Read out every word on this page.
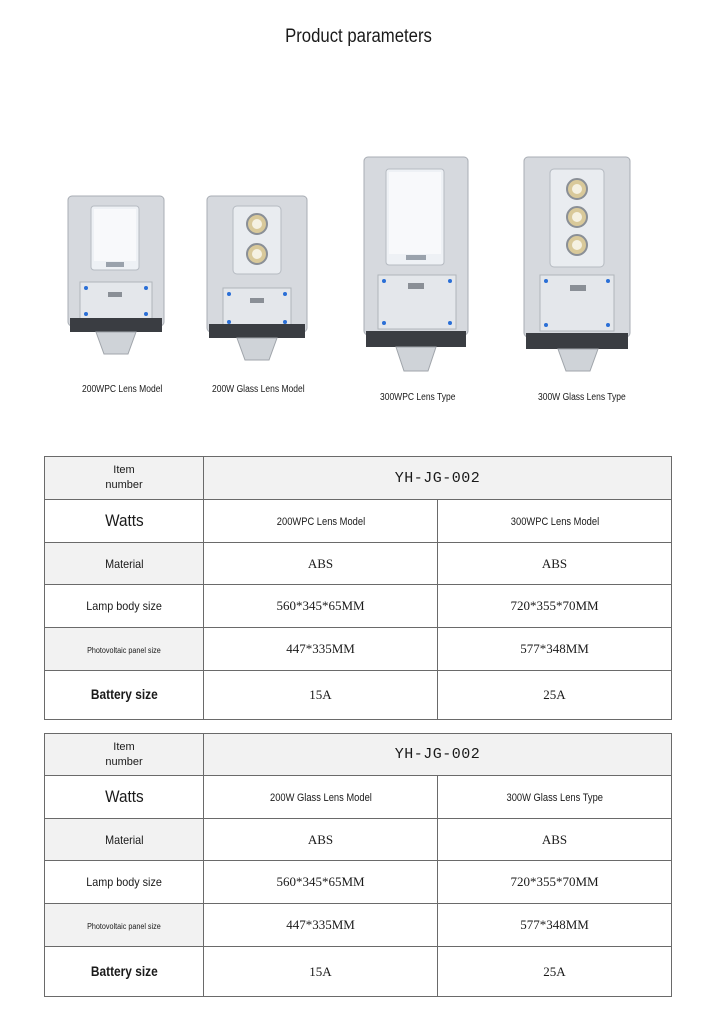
Product parameters
200WPC Lens Model	200W Glass Lens Model
300WPC Lens Type	300W Glass Lens Type
Item
number	YH-JG-002	
Watts	200WPC Lens Model	300WPC Lens Model
Material	ABS	ABS
Lamp body size	560*345*65MM	720*355*70MM
Photovoltaic panel size	447*335MM	577*348MM
Battery size	15A	25A
Item
number	YH-JG-002	
Watts	200W Glass Lens Model	300W Glass Lens Type
Material	ABS	ABS
Lamp body size	560*345*65MM	720*355*70MM
Photovoltaic panel size	447*335MM	577*348MM
Battery size	15A	25A
